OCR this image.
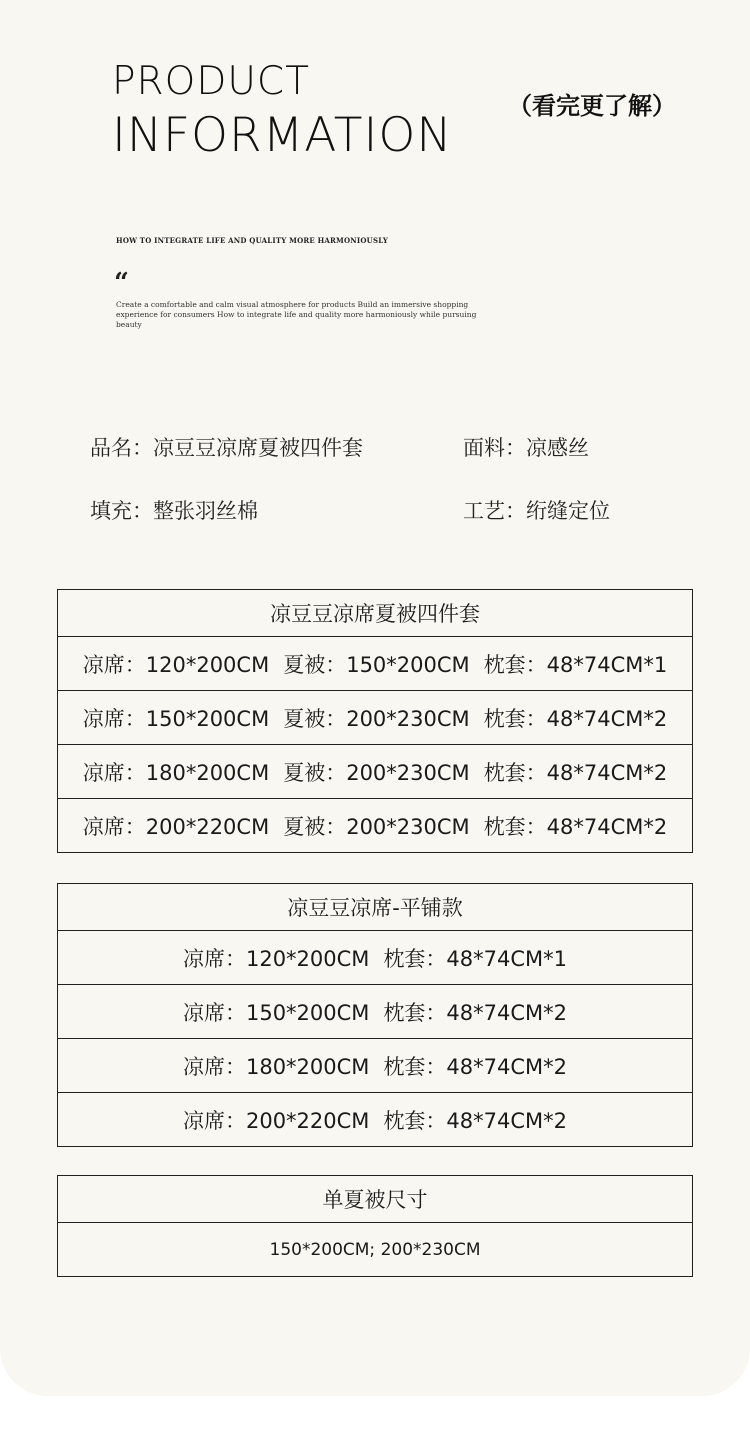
PRODUCT
INFORMATION
（看完更了解）
HOW TO INTEGRATE LIFE AND QUALITY MORE HARMONIOUSLY
“
Create a comfortable and calm visual atmosphere for products Build an immersive shopping experience for consumers How to integrate life and quality more harmoniously while pursuing beauty
品名：凉豆豆凉席夏被四件套	面料：凉感丝
填充：整张羽丝棉	工艺：绗缝定位
凉豆豆凉席夏被四件套
凉席：120*200CM 夏被：150*200CM 枕套：48*74CM*1
凉席：150*200CM 夏被：200*230CM 枕套：48*74CM*2
凉席：180*200CM 夏被：200*230CM 枕套：48*74CM*2
凉席：200*220CM 夏被：200*230CM 枕套：48*74CM*2
凉豆豆凉席-平铺款
凉席：120*200CM 枕套：48*74CM*1
凉席：150*200CM 枕套：48*74CM*2
凉席：180*200CM 枕套：48*74CM*2
凉席：200*220CM 枕套：48*74CM*2
单夏被尺寸
150*200CM; 200*230CM
